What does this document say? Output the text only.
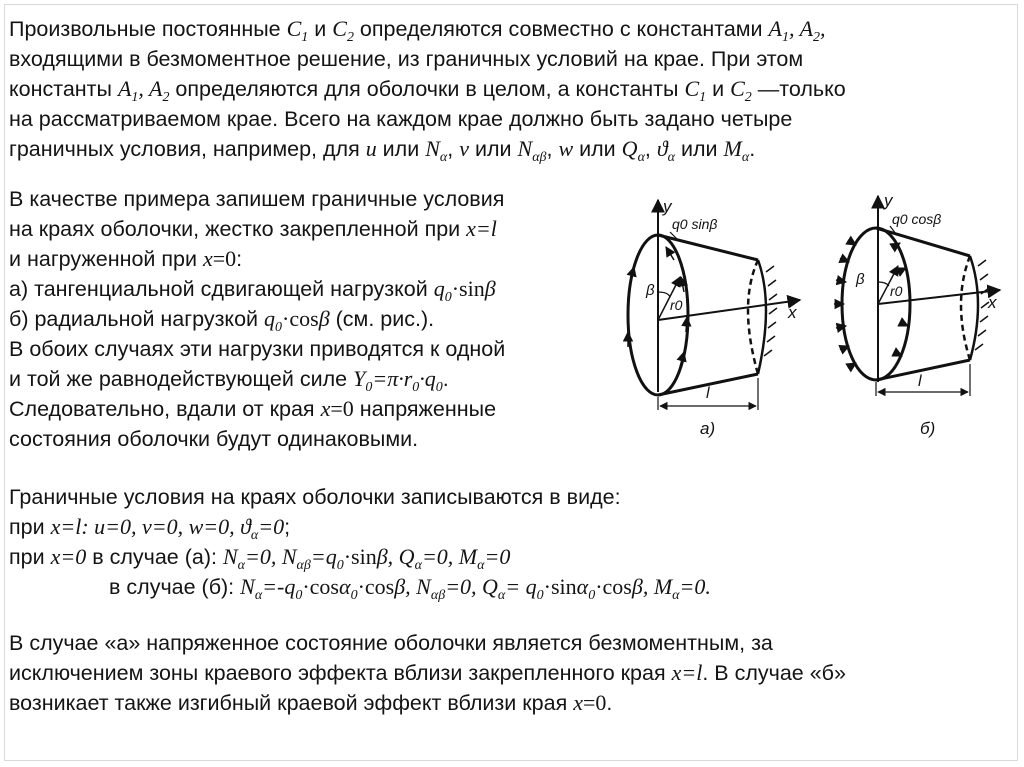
Произвольные постоянные $C_1$ и $C_2$ определяются совместно с константами $A_1$, $A_2$,
входящими в безмоментное решение, из граничных условий на крае. При этом
константы $A_1$, $A_2$ определяются для оболочки в целом, а константы $C_1$ и $C_2$ —только
на рассматриваемом крае. Всего на каждом крае должно быть задано четыре
граничных условия, например, для u или $N_\alpha$, v или $N_{\alpha\beta}$, w или $Q_\alpha$, $ϑ_\alpha$ или $M_\alpha$.
В качестве примера запишем граничные условия
на краях оболочки, жестко закрепленной при x=l
и нагруженной при x=0:
а) тангенциальной сдвигающей нагрузкой $q_0\cdot\sin\beta$
б) радиальной нагрузкой $q_0\cdot\cos\beta$ (см. рис.).
В обоих случаях эти нагрузки приводятся к одной
и той же равнодействующей силе $Y_0=\pi\cdot r_0\cdot q_0$.
Следовательно, вдали от края x=0 напряженные
состояния оболочки будут одинаковыми.
y
x
q0 sinβ
β
r0
l
а)
y
x
q0 cosβ
β
r0
l
б)
Граничные условия на краях оболочки записываются в виде:
при x=l: u=0, v=0, w=0, $ϑ_\alpha=0$;
при x=0 в случае (а): $N_\alpha=0$, $N_{\alpha\beta}=q_0\cdot\sin\beta$, $Q_\alpha=0$, $M_\alpha=0$
в случае (б): $N_\alpha=-q_0\cdot\cos\alpha_0\cdot\cos\beta$, $N_{\alpha\beta}=0$, $Q_\alpha= q_0\cdot\sin\alpha_0\cdot\cos\beta$, $M_\alpha=0$.
В случае «а» напряженное состояние оболочки является безмоментным, за
исключением зоны краевого эффекта вблизи закрепленного края x=l. В случае «б»
возникает также изгибный краевой эффект вблизи края x=0.
